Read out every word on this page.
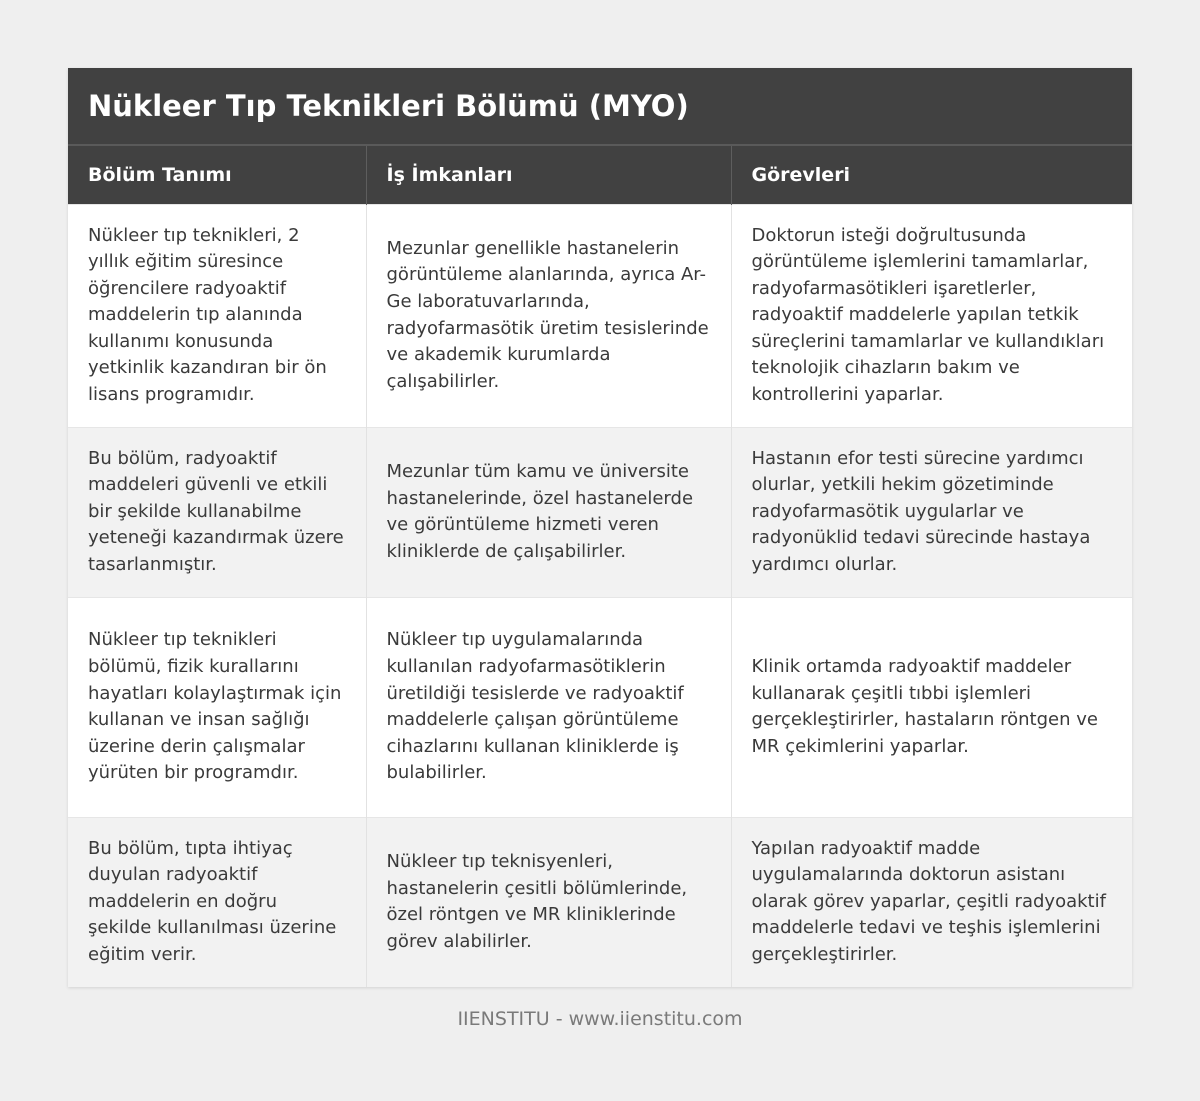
Nükleer Tıp Teknikleri Bölümü (MYO)
Bölüm Tanımı	İş İmkanları	Görevleri
Nükleer tıp teknikleri, 2 yıllık eğitim süresince öğrencilere radyoaktif maddelerin tıp alanında kullanımı konusunda yetkinlik kazandıran bir ön lisans programıdır.	Mezunlar genellikle hastanelerin görüntüleme alanlarında, ayrıca Ar-Ge laboratuvarlarında, radyofarmasötik üretim tesislerinde ve akademik kurumlarda çalışabilirler.	Doktorun isteği doğrultusunda görüntüleme işlemlerini tamamlarlar, radyofarmasötikleri işaretlerler, radyoaktif maddelerle yapılan tetkik süreçlerini tamamlarlar ve kullandıkları teknolojik cihazların bakım ve kontrollerini yaparlar.
Bu bölüm, radyoaktif maddeleri güvenli ve etkili bir şekilde kullanabilme yeteneği kazandırmak üzere tasarlanmıştır.	Mezunlar tüm kamu ve üniversite hastanelerinde, özel hastanelerde ve görüntüleme hizmeti veren kliniklerde de çalışabilirler.	Hastanın efor testi sürecine yardımcı olurlar, yetkili hekim gözetiminde radyofarmasötik uygularlar ve radyonüklid tedavi sürecinde hastaya yardımcı olurlar.
Nükleer tıp teknikleri bölümü, fizik kurallarını hayatları kolaylaştırmak için kullanan ve insan sağlığı üzerine derin çalışmalar yürüten bir programdır.	Nükleer tıp uygulamalarında kullanılan radyofarmasötiklerin üretildiği tesislerde ve radyoaktif maddelerle çalışan görüntüleme cihazlarını kullanan kliniklerde iş bulabilirler.	Klinik ortamda radyoaktif maddeler kullanarak çeşitli tıbbi işlemleri gerçekleştirirler, hastaların röntgen ve MR çekimlerini yaparlar.
Bu bölüm, tıpta ihtiyaç duyulan radyoaktif maddelerin en doğru şekilde kullanılması üzerine eğitim verir.	Nükleer tıp teknisyenleri, hastanelerin çesitli bölümlerinde, özel röntgen ve MR kliniklerinde görev alabilirler.	Yapılan radyoaktif madde uygulamalarında doktorun asistanı olarak görev yaparlar, çeşitli radyoaktif maddelerle tedavi ve teşhis işlemlerini gerçekleştirirler.
IIENSTITU - www.iienstitu.com
